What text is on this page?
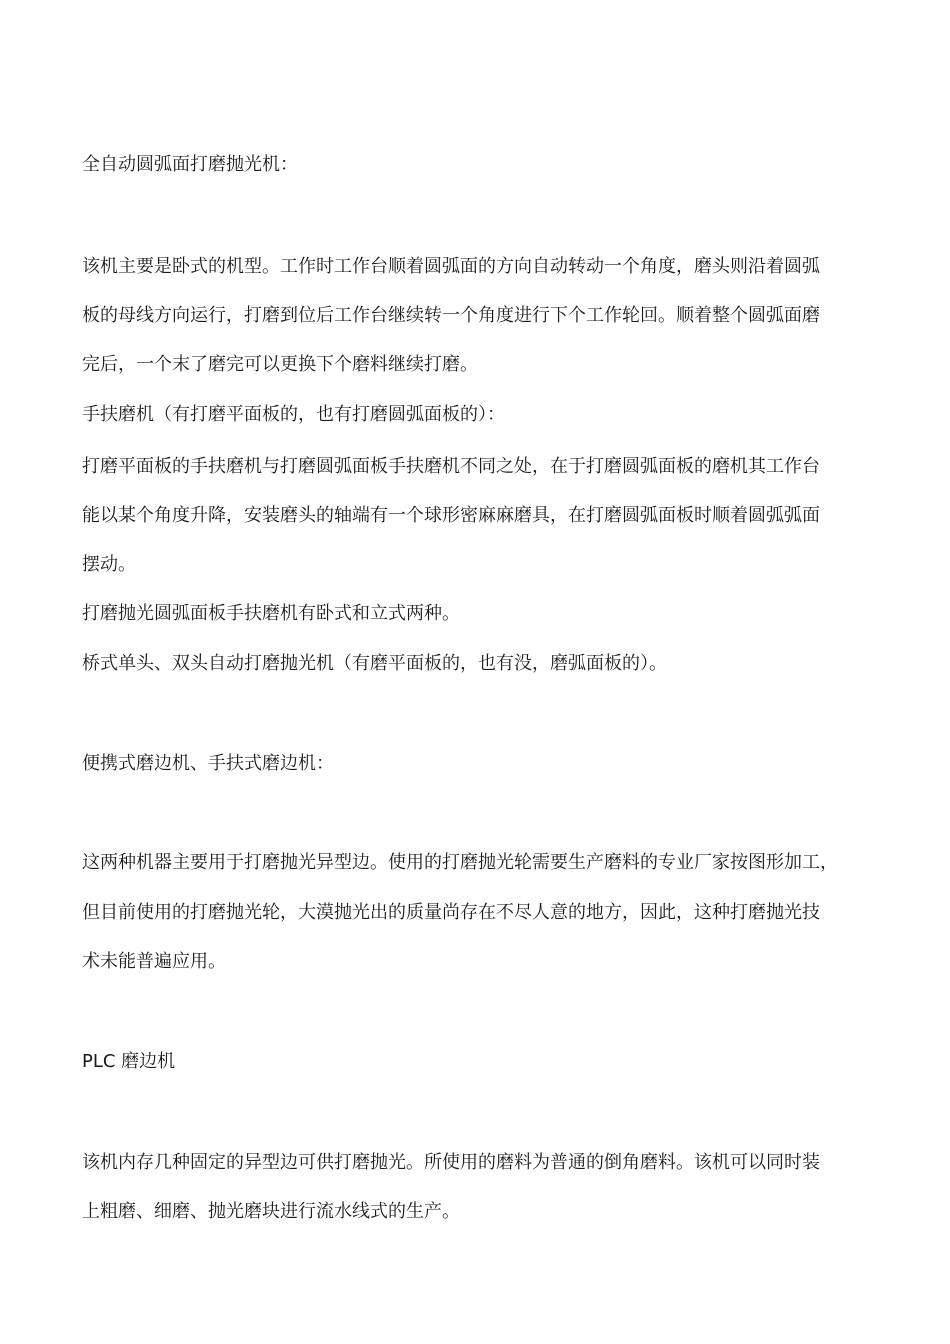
全自动圆弧面打磨抛光机：
该机主要是卧式的机型。工作时工作台顺着圆弧面的方向自动转动一个角度，磨头则沿着圆弧
板的母线方向运行，打磨到位后工作台继续转一个角度进行下个工作轮回。顺着整个圆弧面磨
完后，一个末了磨完可以更换下个磨料继续打磨。
手扶磨机（有打磨平面板的，也有打磨圆弧面板的）：
打磨平面板的手扶磨机与打磨圆弧面板手扶磨机不同之处，在于打磨圆弧面板的磨机其工作台
能以某个角度升降，安装磨头的轴端有一个球形密麻麻磨具，在打磨圆弧面板时顺着圆弧弧面
摆动。
打磨抛光圆弧面板手扶磨机有卧式和立式两种。
桥式单头、双头自动打磨抛光机（有磨平面板的，也有没，磨弧面板的）。
便携式磨边机、手扶式磨边机：
这两种机器主要用于打磨抛光异型边。使用的打磨抛光轮需要生产磨料的专业厂家按图形加工，
但目前使用的打磨抛光轮，大漠抛光出的质量尚存在不尽人意的地方，因此，这种打磨抛光技
术未能普遍应用。
PLC 磨边机
该机内存几种固定的异型边可供打磨抛光。所使用的磨料为普通的倒角磨料。该机可以同时装
上粗磨、细磨、抛光磨块进行流水线式的生产。
